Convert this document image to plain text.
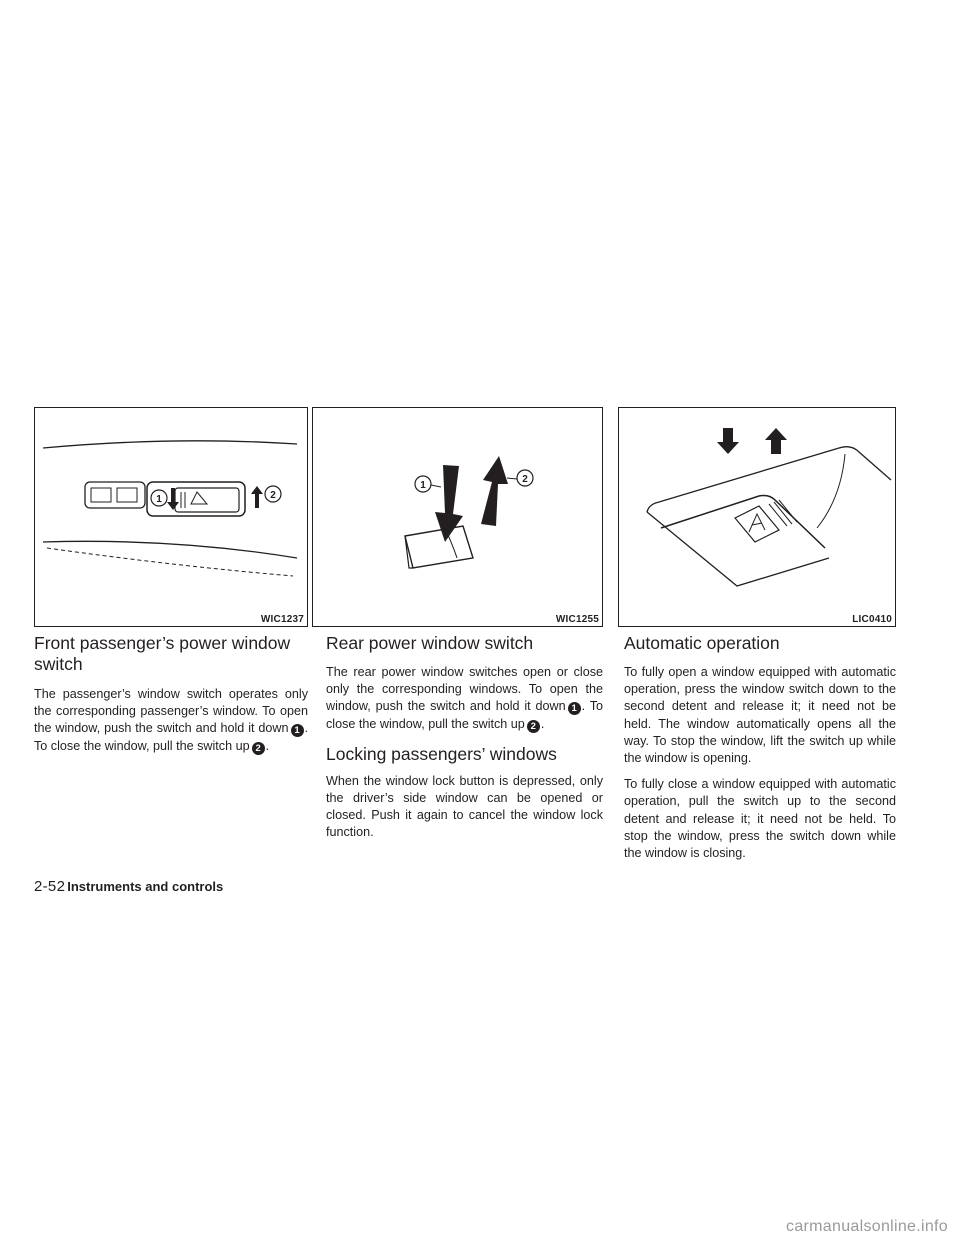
1	2
WIC1237
1
2
WIC1255	LIC0410
Front passenger’s power window switch

The passenger’s window switch operates only the corresponding passenger’s window. To open the window, push the switch and hold it down 1 . To close the window, pull the switch up 2 .

Rear power window switch

The rear power window switches open or close only the corresponding windows. To open the window, push the switch and hold it down 1 . To close the window, pull the switch up 2 .

Locking passengers’ windows

When the window lock button is depressed, only the driver’s side window can be opened or closed. Push it again to cancel the window lock function.

Automatic operation

To fully open a window equipped with automatic operation, press the window switch down to the second detent and release it; it need not be held. The window automatically opens all the way. To stop the window, lift the switch up while the window is opening.

To fully close a window equipped with automatic operation, pull the switch up to the second detent and release it; it need not be held. To stop the window, press the switch down while the window is closing.

2-52 Instruments and controls
carmanualsonline.info
